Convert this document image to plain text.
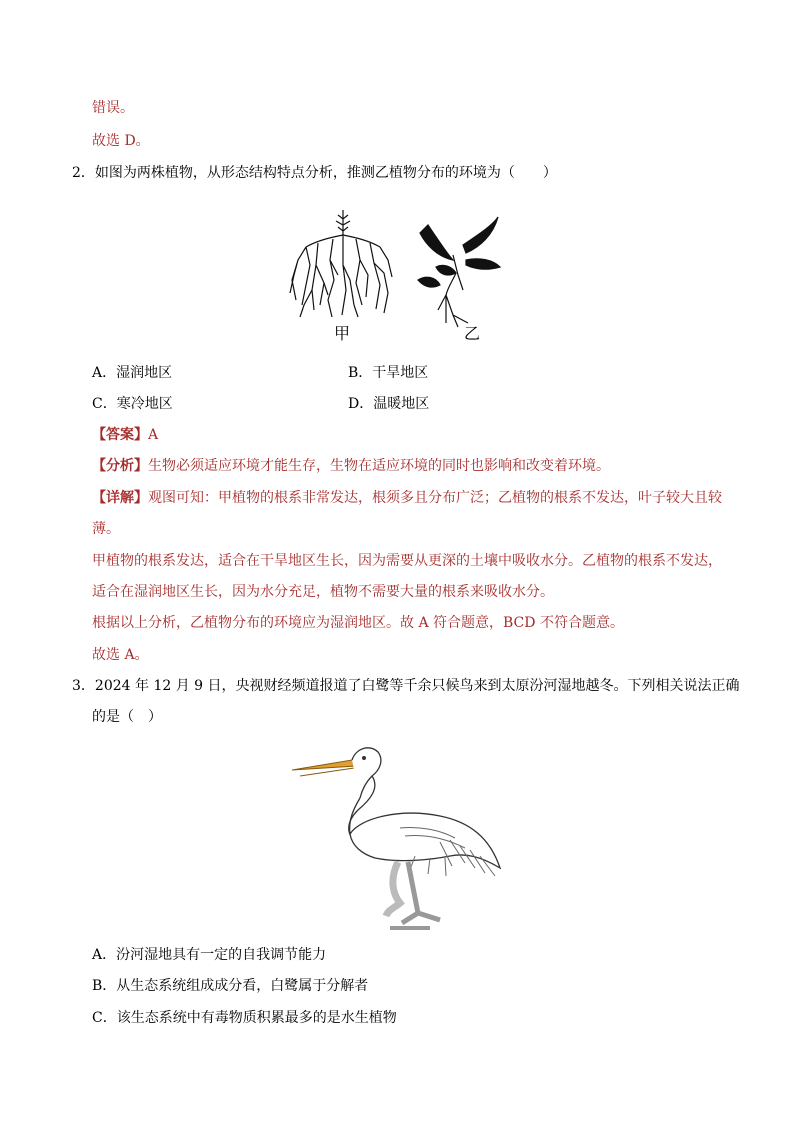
错误。
故选 D。
2．如图为两株植物，从形态结构特点分析，推测乙植物分布的环境为（　　）
甲	乙
A．湿润地区	B．干旱地区
C．寒冷地区	D．温暖地区
【答案】A
【分析】生物必须适应环境才能生存，生物在适应环境的同时也影响和改变着环境。
【详解】观图可知：甲植物的根系非常发达，根须多且分布广泛；乙植物的根系不发达，叶子较大且较
薄。
甲植物的根系发达，适合在干旱地区生长，因为需要从更深的土壤中吸收水分。乙植物的根系不发达，
适合在湿润地区生长，因为水分充足，植物不需要大量的根系来吸收水分。
根据以上分析，乙植物分布的环境应为湿润地区。故 A 符合题意，BCD 不符合题意。
故选 A。
3．2024 年 12 月 9 日，央视财经频道报道了白鹭等千余只候鸟来到太原汾河湿地越冬。下列相关说法正确
的是（　）
A．汾河湿地具有一定的自我调节能力
B．从生态系统组成成分看，白鹭属于分解者
C．该生态系统中有毒物质积累最多的是水生植物
